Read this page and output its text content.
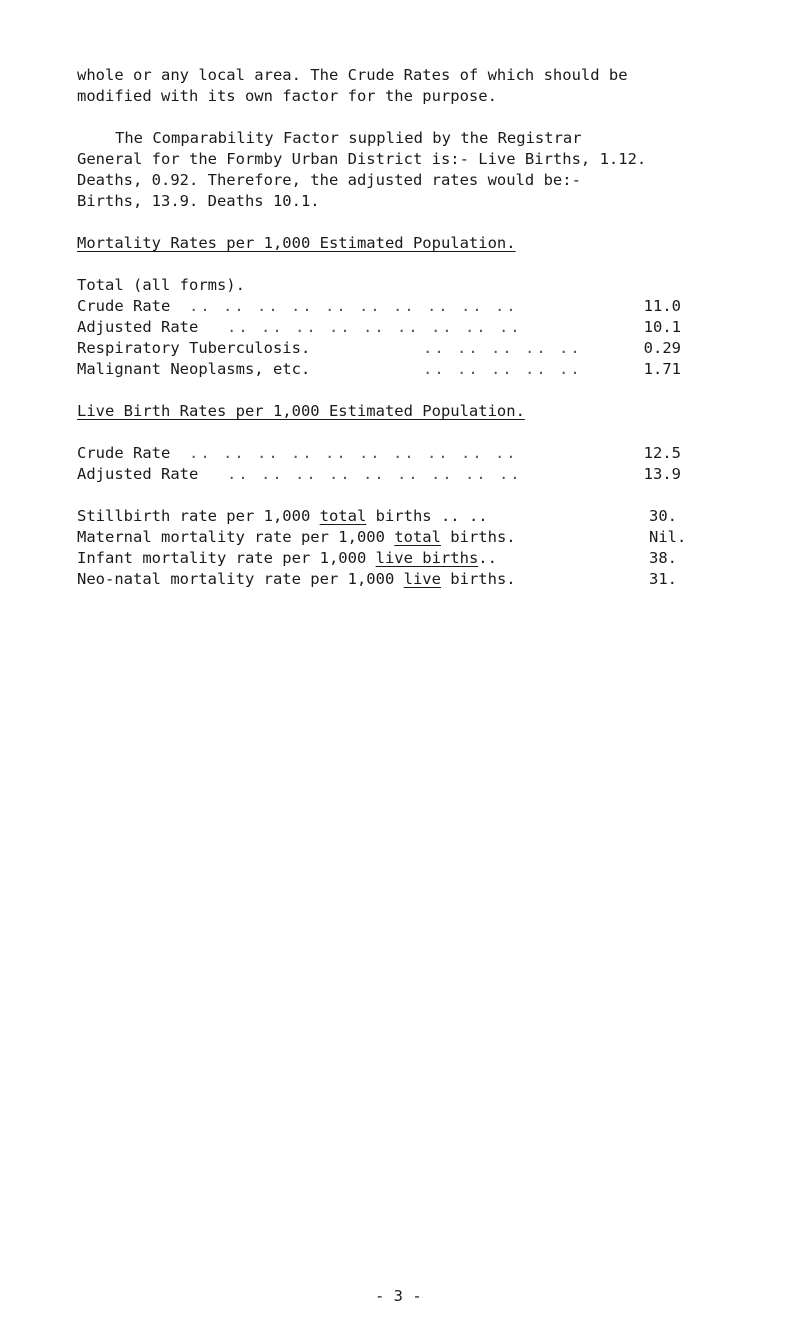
whole or any local area. The Crude Rates of which should be
modified with its own factor for the purpose.
The Comparability Factor supplied by the Registrar
General for the Formby Urban District is:- Live Births, 1.12.
Deaths, 0.92. Therefore, the adjusted rates would be:-
Births, 13.9. Deaths 10.1.
Mortality Rates per 1,000 Estimated Population.
Total (all forms).
Crude Rate .. .. .. .. .. .. .. .. .. ..	11.0
Adjusted Rate .. .. .. .. .. .. .. .. ..	10.1
Respiratory Tuberculosis.	.. .. .. .. ..	0.29
Malignant Neoplasms, etc.	.. .. .. .. ..	1.71
Live Birth Rates per 1,000 Estimated Population.
Crude Rate .. .. .. .. .. .. .. .. .. ..	12.5
Adjusted Rate .. .. .. .. .. .. .. .. ..	13.9
Stillbirth rate per 1,000 total births .. ..	30.
Maternal mortality rate per 1,000 total births.	Nil.
Infant mortality rate per 1,000 live births..	38.
Neo-natal mortality rate per 1,000 live births.	31.
- 3 -
